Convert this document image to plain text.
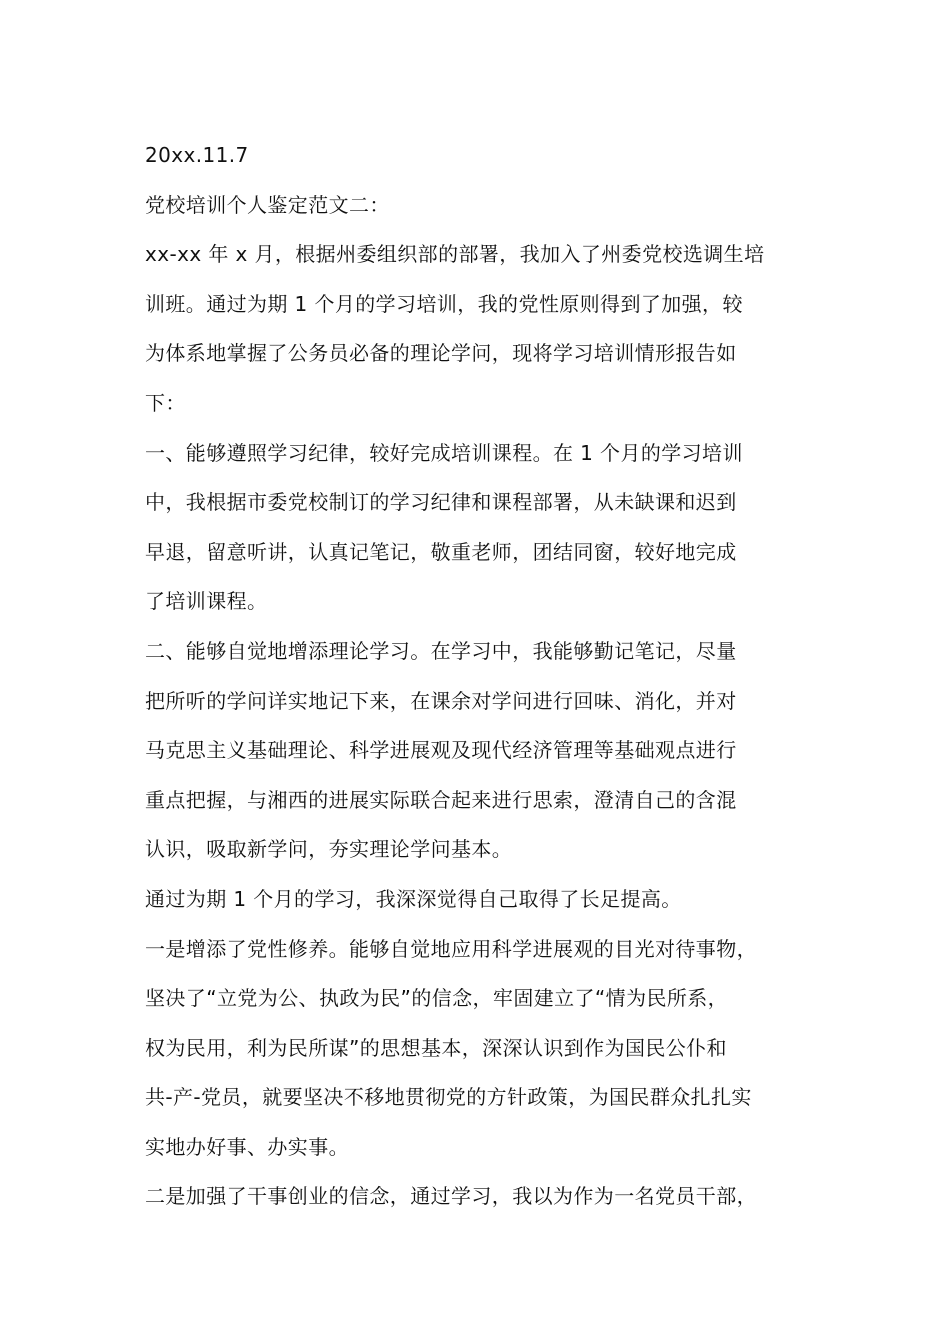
20xx.11.7
党校培训个人鉴定范文二：
xx-xx 年 x 月，根据州委组织部的部署，我加入了州委党校选调生培
训班。通过为期 1 个月的学习培训，我的党性原则得到了加强，较
为体系地掌握了公务员必备的理论学问，现将学习培训情形报告如
下：
一、能够遵照学习纪律，较好完成培训课程。在 1 个月的学习培训
中，我根据市委党校制订的学习纪律和课程部署，从未缺课和迟到
早退，留意听讲，认真记笔记，敬重老师，团结同窗，较好地完成
了培训课程。
二、能够自觉地增添理论学习。在学习中，我能够勤记笔记，尽量
把所听的学问详实地记下来，在课余对学问进行回味、消化，并对
马克思主义基础理论、科学进展观及现代经济管理等基础观点进行
重点把握，与湘西的进展实际联合起来进行思索，澄清自己的含混
认识，吸取新学问，夯实理论学问基本。
通过为期 1 个月的学习，我深深觉得自己取得了长足提高。
一是增添了党性修养。能够自觉地应用科学进展观的目光对待事物，
坚决了“立党为公、执政为民”的信念，牢固建立了“情为民所系，
权为民用，利为民所谋”的思想基本，深深认识到作为国民公仆和
共-产-党员，就要坚决不移地贯彻党的方针政策，为国民群众扎扎实
实地办好事、办实事。
二是加强了干事创业的信念，通过学习，我以为作为一名党员干部，
